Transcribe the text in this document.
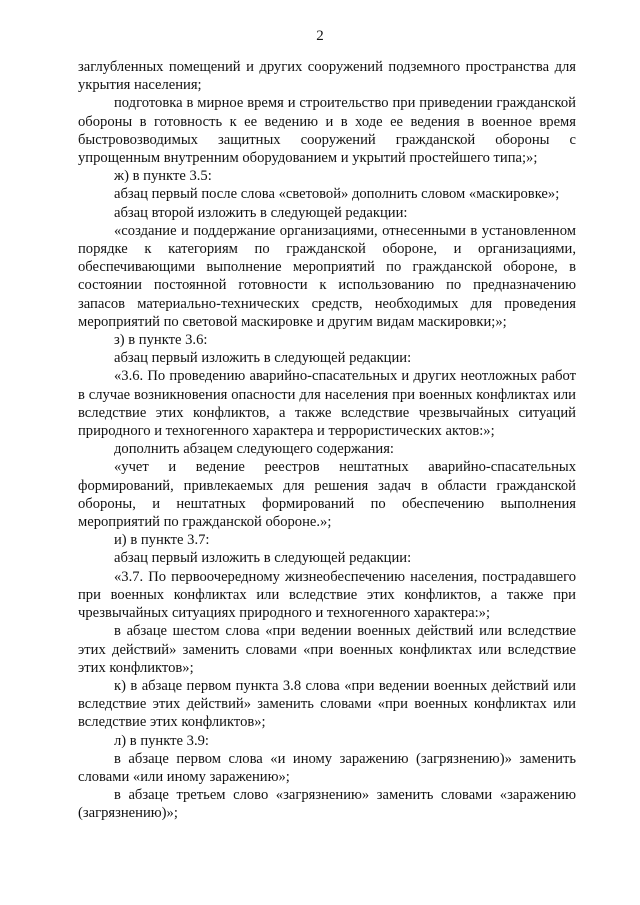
2

заглубленных помещений и других сооружений подземного пространства для укрытия населения;

подготовка в мирное время и строительство при приведении гражданской обороны в готовность к ее ведению и в ходе ее ведения в военное время быстровозводимых защитных сооружений гражданской обороны с упрощенным внутренним оборудованием и укрытий простейшего типа;»;

ж) в пункте 3.5:

абзац первый после слова «световой» дополнить словом «маскировке»;

абзац второй изложить в следующей редакции:

«создание и поддержание организациями, отнесенными в установленном порядке к категориям по гражданской обороне, и организациями, обеспечивающими выполнение мероприятий по гражданской обороне, в состоянии постоянной готовности к использованию по предназначению запасов материально-технических средств, необходимых для проведения мероприятий по световой маскировке и другим видам маскировки;»;

з) в пункте 3.6:

абзац первый изложить в следующей редакции:

«3.6. По проведению аварийно-спасательных и других неотложных работ в случае возникновения опасности для населения при военных конфликтах или вследствие этих конфликтов, а также вследствие чрезвычайных ситуаций природного и техногенного характера и террористических актов:»;

дополнить абзацем следующего содержания:

«учет и ведение реестров нештатных аварийно-спасательных формирований, привлекаемых для решения задач в области гражданской обороны, и нештатных формирований по обеспечению выполнения мероприятий по гражданской обороне.»;

и) в пункте 3.7:

абзац первый изложить в следующей редакции:

«3.7. По первоочередному жизнеобеспечению населения, пострадавшего при военных конфликтах или вследствие этих конфликтов, а также при чрезвычайных ситуациях природного и техногенного характера:»;

в абзаце шестом слова «при ведении военных действий или вследствие этих действий» заменить словами «при военных конфликтах или вследствие этих конфликтов»;

к) в абзаце первом пункта 3.8 слова «при ведении военных действий или вследствие этих действий» заменить словами «при военных конфликтах или вследствие этих конфликтов»;

л) в пункте 3.9:

в абзаце первом слова «и иному заражению (загрязнению)» заменить словами «или иному заражению»;

в абзаце третьем слово «загрязнению» заменить словами «заражению (загрязнению)»;
